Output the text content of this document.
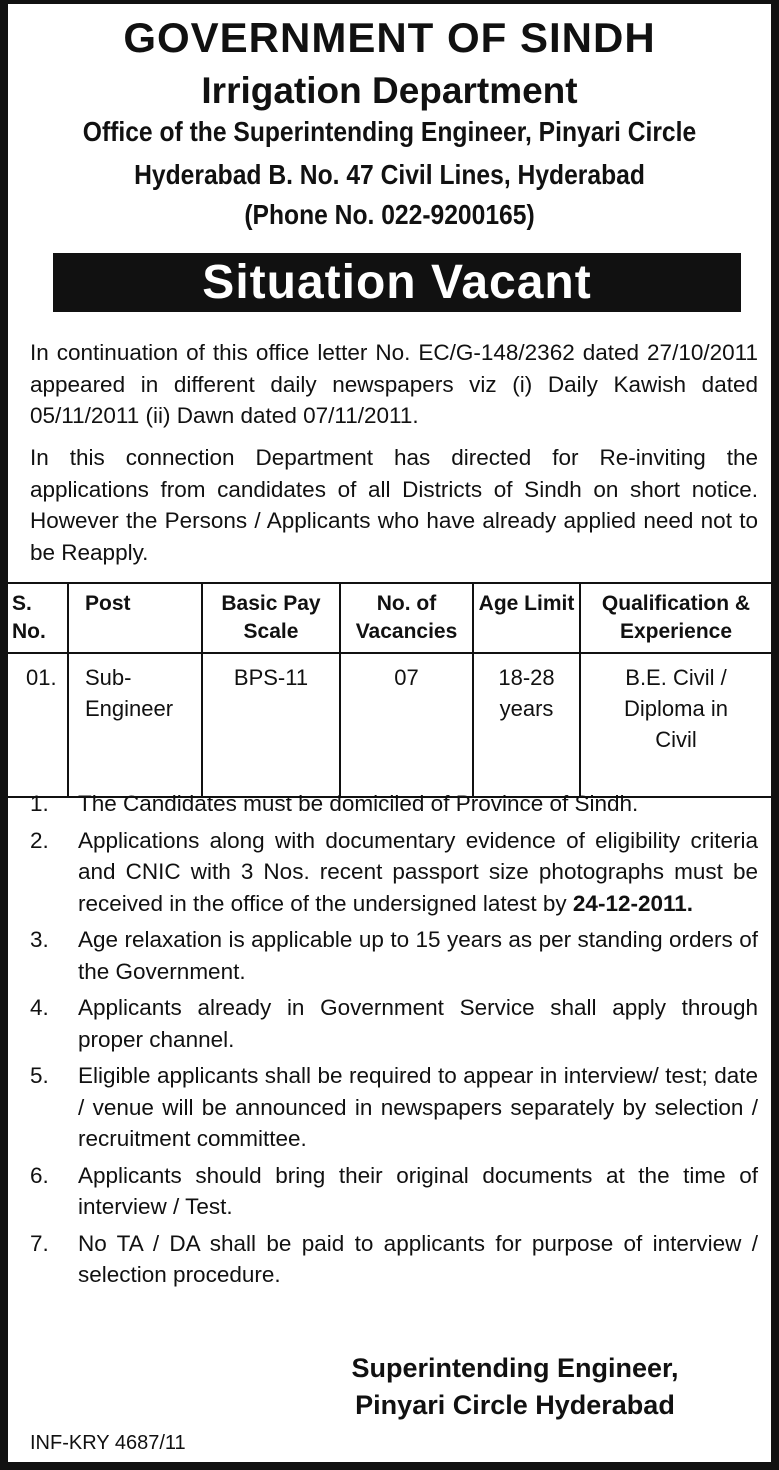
GOVERNMENT OF SINDH
Irrigation Department
Office of the Superintending Engineer, Pinyari Circle
Hyderabad B. No. 47 Civil Lines, Hyderabad
(Phone No. 022-9200165)
Situation Vacant
In continuation of this office letter No. EC/G-148/2362 dated 27/10/2011 appeared in different daily newspapers viz (i) Daily Kawish dated 05/11/2011 (ii) Dawn dated 07/11/2011.
In this connection Department has directed for Re-inviting the applications from candidates of all Districts of Sindh on short notice. However the Persons / Applicants who have already applied need not to be Reapply.
S. No.	Post	Basic Pay Scale	No. of Vacancies	Age Limit	Qualification & Experience
01.	Sub-Engineer	BPS-11	07	18-28 years	B.E. Civil / Diploma in Civil
1.	The Candidates must be domiciled of Province of Sindh.
2.	Applications along with documentary evidence of eligibility criteria and CNIC with 3 Nos. recent passport size photographs must be received in the office of the undersigned latest by 24-12-2011.
3.	Age relaxation is applicable up to 15 years as per standing orders of the Government.
4.	Applicants already in Government Service shall apply through proper channel.
5.	Eligible applicants shall be required to appear in interview/ test; date / venue will be announced in newspapers separately by selection / recruitment committee.
6.	Applicants should bring their original documents at the time of interview / Test.
7.	No TA / DA shall be paid to applicants for purpose of interview / selection procedure.
Superintending Engineer,
Pinyari Circle Hyderabad
INF-KRY 4687/11
